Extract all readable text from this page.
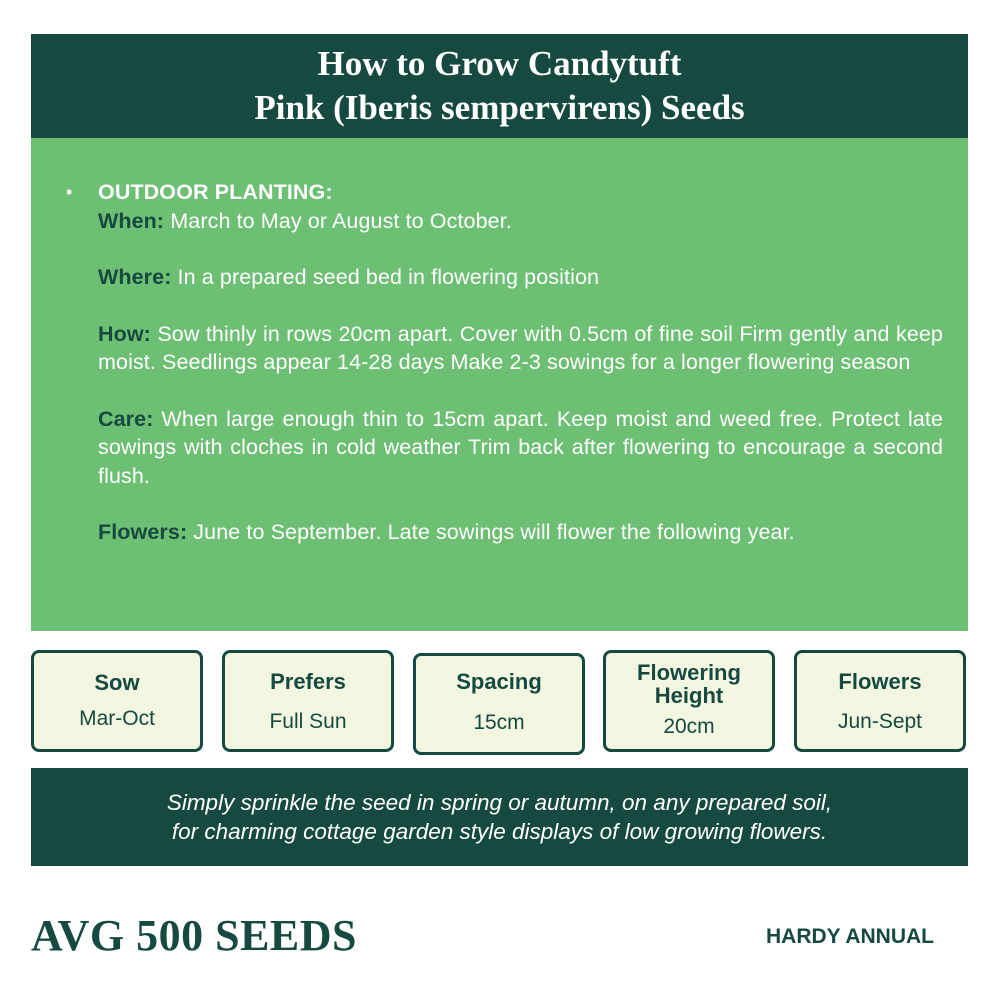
How to Grow Candytuft
Pink (Iberis sempervirens) Seeds
• OUTDOOR PLANTING:
When: March to May or August to October.
Where: In a prepared seed bed in flowering position
How: Sow thinly in rows 20cm apart. Cover with 0.5cm of fine soil Firm gently and keep moist. Seedlings appear 14-28 days Make 2-3 sowings for a longer flowering season
Care: When large enough thin to 15cm apart. Keep moist and weed free. Protect late sowings with cloches in cold weather Trim back after flowering to encourage a second flush.
Flowers: June to September. Late sowings will flower the following year.
Sow
Mar-Oct
Prefers
Full Sun
Spacing
15cm
Flowering Height
20cm
Flowers
Jun-Sept
Simply sprinkle the seed in spring or autumn, on any prepared soil,
for charming cottage garden style displays of low growing flowers.
AVG 500 SEEDS	HARDY ANNUAL
